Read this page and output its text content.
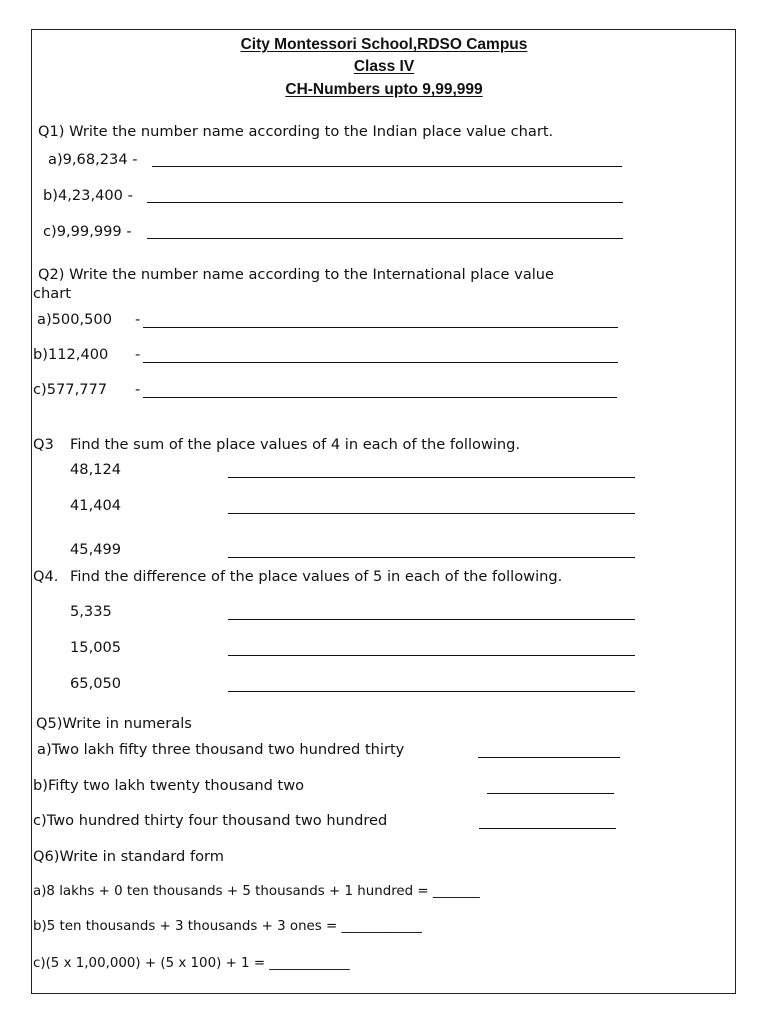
City Montessori School,RDSO Campus
Class IV
CH-Numbers upto 9,99,999
Q1) Write the number name according to the Indian place value chart.
a)9,68,234 -
b)4,23,400 -
c)9,99,999 -
Q2) Write the number name according to the International place value
chart
a)500,500 -
b)112,400 -
c)577,777 -
Q3 Find the sum of the place values of 4 in each of the following.
48,124
41,404
45,499
Q4. Find the difference of the place values of 5 in each of the following.
5,335
15,005
65,050
Q5)Write in numerals
a)Two lakh fifty three thousand two hundred thirty
b)Fifty two lakh twenty thousand two
c)Two hundred thirty four thousand two hundred
Q6)Write in standard form
a)8 lakhs + 0 ten thousands + 5 thousands + 1 hundred = _______
b)5 ten thousands + 3 thousands + 3 ones = ____________
c)(5 x 1,00,000) + (5 x 100) + 1 = ____________
